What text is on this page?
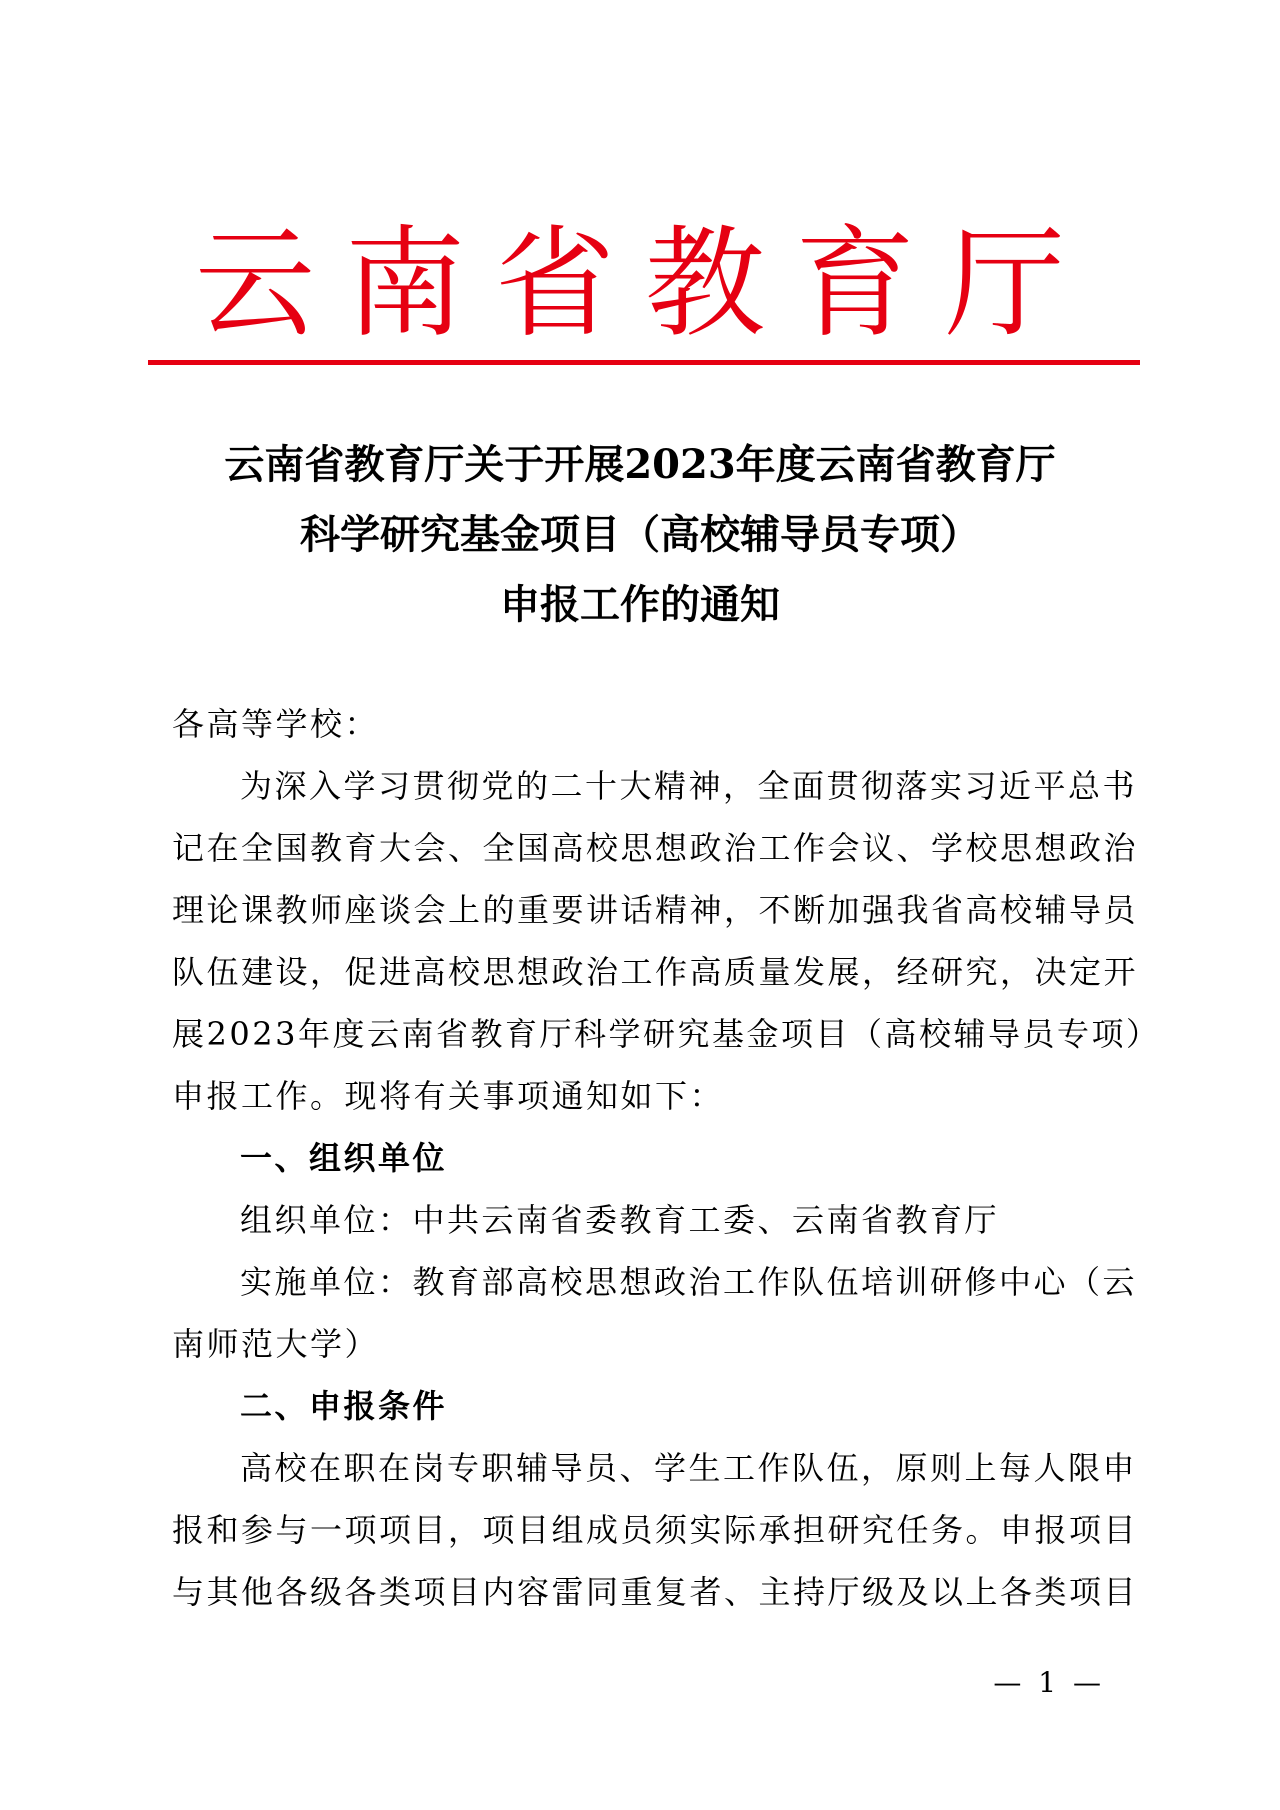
云南省教育厅
云南省教育厅关于开展2023年度云南省教育厅
科学研究基金项目（高校辅导员专项）
申报工作的通知
各高等学校：
为深入学习贯彻党的二十大精神，全面贯彻落实习近平总书
记在全国教育大会、全国高校思想政治工作会议、学校思想政治
理论课教师座谈会上的重要讲话精神，不断加强我省高校辅导员
队伍建设，促进高校思想政治工作高质量发展，经研究，决定开
展2023年度云南省教育厅科学研究基金项目（高校辅导员专项）
申报工作。现将有关事项通知如下：
一、组织单位
组织单位：中共云南省委教育工委、云南省教育厅
实施单位：教育部高校思想政治工作队伍培训研修中心（云
南师范大学）
二、申报条件
高校在职在岗专职辅导员、学生工作队伍，原则上每人限申
报和参与一项项目，项目组成员须实际承担研究任务。申报项目
与其他各级各类项目内容雷同重复者、主持厅级及以上各类项目
— 1 —
